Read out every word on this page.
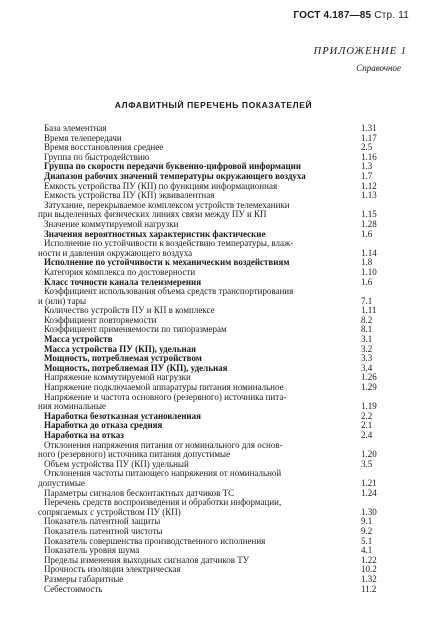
ГОСТ 4.187—85 Стр. 11
ПРИЛОЖЕНИЕ 1
Справочное
АЛФАВИТНЫЙ ПЕРЕЧЕНЬ ПОКАЗАТЕЛЕЙ
База элементная	1.31
Время телепередачи	1.17
Время восстановления среднее	2.5
Группа по быстродействию	1.16
Группа по скорости передачи буквенно-цифровой информации	1.3
Диапазон рабочих значений температуры окружающего воздуха	1.7
Емкость устройства ПУ (КП) по функциям информационная	1.12
Емкость устройства ПУ (КП) эквивалентная	1.13
Затухание, перекрываемое комплексом устройств телемеханики
при выделенных физических линиях связи между ПУ и КП	1.15
Значение коммутируемой нагрузки	1.28
Значения вероятностных характеристик фактические	1.6
Исполнение по устойчивости к воздействию температуры, влаж-
ности и давления окружающего воздуха	1.14
Исполнение по устойчивости к механическим воздействиям	1.8
Категория комплекса по достоверности	1.10
Класс точности канала телеизмерения	1.6
Коэффициент использования объема средств транспортирования
и (или) тары	7.1
Количество устройств ПУ и КП в комплексе	1.11
Коэффициент повторяемости	8.2
Коэффициент применяемости по типоразмерам	8.1
Масса устройств	3.1
Масса устройства ПУ (КП), удельная	3.2
Мощность, потребляемая устройством	3.3
Мощность, потребляемая ПУ (КП), удельная	3.4
Напряжение коммутируемой нагрузки	1.26
Напряжение подключаемой аппаратуры питания номинальное	1.29
Напряжение и частота основного (резервного) источника пита-
ния номинальные	1.19
Наработка безотказная установленная	2.2
Наработка до отказа средняя	2.1
Наработка на отказ	2.4
Отклонения напряжения питания от номинального для основ-
ного (резервного) источника питания допустимые	1.20
Объем устройства ПУ (КП) удельный	3.5
Отклонения частоты питающего напряжения от номинальной
допустимые	1.21
Параметры сигналов бесконтактных датчиков ТС	1.24
Перечень средств воспроизведения и обработки информации,
сопрягаемых с устройством ПУ (КП)	1.30
Показатель патентной защиты	9.1
Показатель патентной чистоты	9.2
Показатель совершенства производственного исполнения	5.1
Показатель уровня шума	4.1
Пределы изменения выходных сигналов датчиков ТУ	1.22
Прочность изоляции электрическая	10.2
Размеры габаритные	1.32
Себестоимость	11.2
